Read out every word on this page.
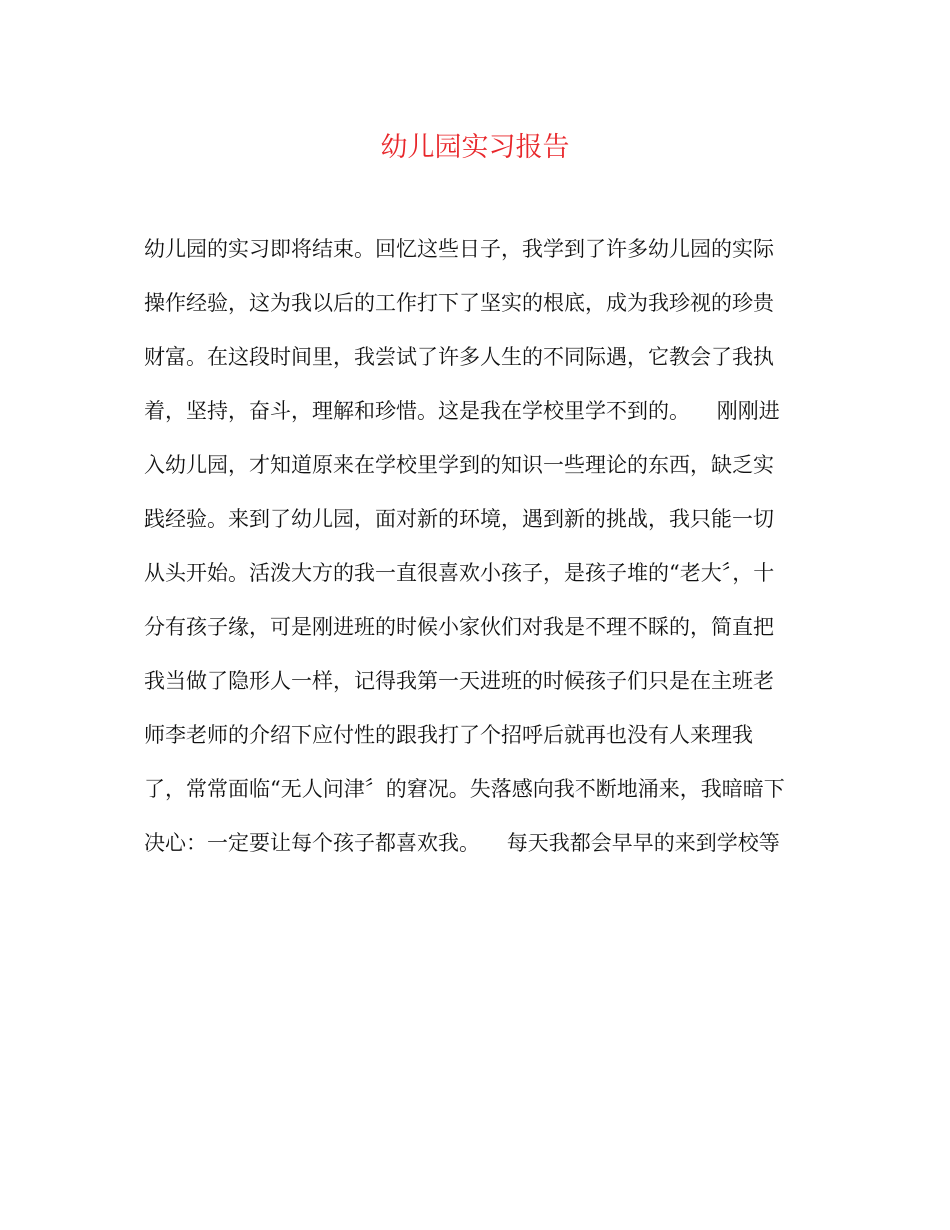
幼儿园实习报告
幼儿园的实习即将结束。回忆这些日子，我学到了许多幼儿园的实际
操作经验，这为我以后的工作打下了坚实的根底，成为我珍视的珍贵
财富。在这段时间里，我尝试了许多人生的不同际遇，它教会了我执
着，坚持，奋斗，理解和珍惜。这是我在学校里学不到的。    刚刚进
入幼儿园，才知道原来在学校里学到的知识一些理论的东西，缺乏实
践经验。来到了幼儿园，面对新的环境，遇到新的挑战，我只能一切
从头开始。活泼大方的我一直很喜欢小孩子，是孩子堆的“老大〞，十
分有孩子缘，可是刚进班的时候小家伙们对我是不理不睬的，简直把
我当做了隐形人一样，记得我第一天进班的时候孩子们只是在主班老
师李老师的介绍下应付性的跟我打了个招呼后就再也没有人来理我
了，常常面临“无人问津〞的窘况。失落感向我不断地涌来，我暗暗下
决心：一定要让每个孩子都喜欢我。    每天我都会早早的来到学校等
